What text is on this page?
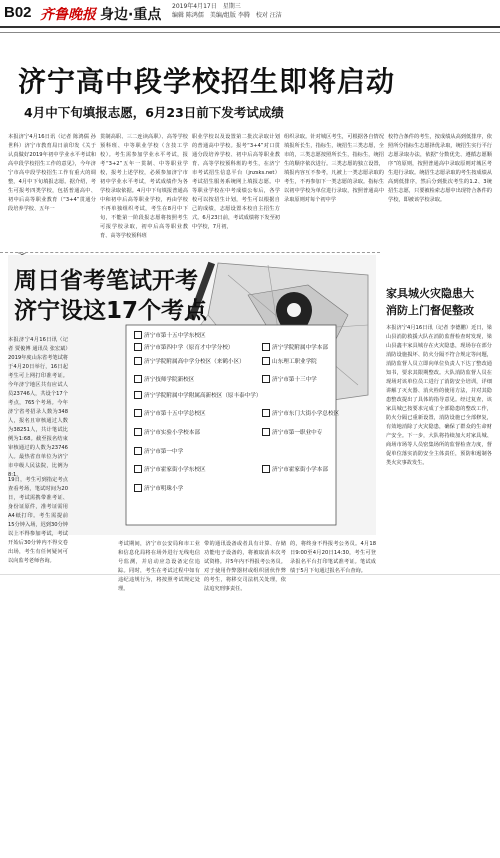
B02 齐鲁晚报 身边·重点
2019年4月17日　星期三
编辑 陈鸿儒　美编/组版 李腾　校对 汪洁
济宁高中段学校招生即将启动
4月中下旬填报志愿，6月23日前下发考试成绩
本报济宁4月16日讯（记者 陈鸿儒 孙世科）济宁市教育局日前印发《关于认真做好2019年初中学业水平考试和高中段学校招生工作的意见》，今年济宁市高中段学校招生工作有重大的调整，4月中下旬填报志愿。据介绍，考生可报考四类学校，包括普通高中、初中后高等职业教育（“3+4”贯通分段培养学校、五年一
贯制高职、三二连读高职）、高等学校预科班、中等职业学校（含技工学校）。考生需参加学业水平考试，报考“3+2”五年一贯制、中等职业学校，报考上述学校，必须参加济宁市初中学业水平考试，考试成绩作为各学校录取依据。4月中下旬填报普通高中和初中后高等职业学校，再由学校不再单独组织考试，考生在8月中下旬，不能第一阶段报志愿将按照考生可报学校录取，初中后高等职业教育、高等学校预科班
职业学校以及设置第二批次录取计划的普通高中学校。报考“3+4”对口贯通分段培养学校、初中后高等职业教育、高等学校预科班的考生，在济宁市考试招生信息平台（jnzsks.net）考试招生服务系统网上填报志愿。中等职业学校在中考成绩公布后，各学校可以按招生计划，考生可以根据自己的成绩，志愿设置本校自主招生方式。6月23日前，考试成绩将下发至初中学校，7月初，
组织录取。针对城区考生，可根据各自情况填报所长生，指标生，统招生三类志愿，全市的，三类志愿按照所长生，指标生，统招生的顺序依次进行。三类志愿的独立设置，填报内容互不参考，凡被上一类志愿录取的考生，不再参加下一类志愿的录取。指标生以初中学校为单位进行录取，按照普通高中录取原则对每个初中学
校符合条件的考生，按成绩从高到低排序，依照所分指标生志愿择优录取，统招生实行平行志愿录取办法，依据“分数优先、遵循志愿顺序”的原则，按照普通高中录取原则对城区考生进行录取。统招生志愿录取的考生按成绩从高到低排序，然后分到批次考生的1.2、3统招生志愿，只要被检索志愿中出现符合条件的学校，即被该学校录取。
周日省考笔试开考
济宁设这17个考点
济宁市第十五中学东校区
济宁市第四中学（原育才中学分校）	济宁学院附属中学本部
济宁学院附属高中学分校区（来鹤小区）	山东理工职业学院
济宁技师学院新校区	济宁市第十三中学
济宁学院附属中学附属高新校区（原丰泰中学）
济宁市第十五中学总校区	济宁市东门大街小学总校区
济宁市实验小学校本部	济宁市第一职业中专
济宁市第一中学
济宁市霍家街小学东校区	济宁市霍家街小学本部
济宁市明珠小学
本报济宁4月16日讯（记者 贾俊博 通讯员 张宏斌）2019年度山东省考笔试将于4月20日举行，16日起考生可上网打印准考证。今年济宁地区共有应试人员23746人，共设个17个考点，765个考场。今年济宁省考招录人数为348人，报名且审核通过人数为38251人，共计笔试比例为1:68。截至报名结束审核通过的人数为23746人。最热省直单位为济宁市中级人民法院，比例为8:1。
19日，考生可到指定考点查看考场，笔试时间为20日，考试需携带准考证、身份证原件，准考证需用A4纸打印。考生需提前15分钟入场，迟到30分钟以上不得参加考试，考试开始后30分钟内不得交卷出场，考生有任何疑问可以向监考老师咨询。
考试期间，济宁市公安局和市工业和信息化局将在场外进行无线电信号监测，并启动应急设备定位追踪。同时，考生在考试过程中如有违纪违规行为，将按照考试规定处理。
带的通讯设备或者具有计算、存储功能电子设备的，将被取消本次考试资格。并5年内不得报考公务员。对于使用作弊器材或组织团伙作弊的考生，将移交司法机关处理，依法追究刑事责任。
的，将终身不得报考公务员。4月18日9:00至4月20日14:30，考生可登录报名平台打印笔试准考证。笔试成绩于5月下旬通过报名平台查询。
家具城火灾隐患大
消防上门督促整改
本报济宁4月16日讯（记者 李德鹏）近日，梁山县消防救援大队在消防监督检查时发现，梁山县鑫丰家具城存在火灾隐患，现场存在部分消防设施损坏、防火分隔不符合规定等问题，消防监督人员立即向单位负责人下达了整改通知书，要求其限期整改。大队消防监督人员在现场对该单位员工进行了消防安全培训，详细讲解了灭火器、消火栓的使用方法，并对其隐患整改提出了具体的指导意见。经过复查，该家具城已按要求完成了全部隐患的整改工作，防火分隔已重新设置，消防设施已全部修复，有效地消除了火灾隐患，确保了群众的生命财产安全。下一步，大队将持续加大对家具城、商场市场等人员密集场所的监督检查力度，督促单位落实消防安全主体责任，预防和遏制各类火灾事故发生。
